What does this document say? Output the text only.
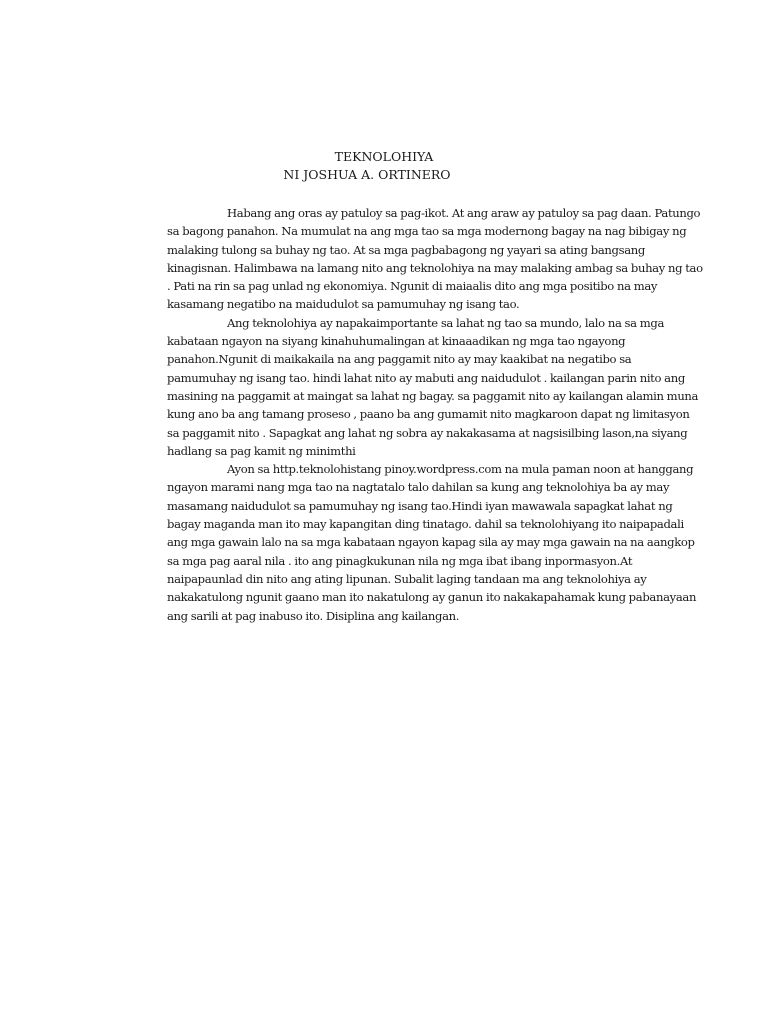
TEKNOLOHIYA
NI JOSHUA A. ORTINERO

Habang ang oras ay patuloy sa pag-ikot. At ang araw ay patuloy sa pag daan. Patungo sa bagong panahon. Na mumulat na ang mga tao sa mga modernong bagay na nag bibigay ng malaking tulong sa buhay ng tao. At sa mga pagbabagong ng yayari sa ating bangsang kinagisnan. Halimbawa na lamang nito ang teknolohiya na may malaking ambag sa buhay ng tao . Pati na rin sa pag unlad ng ekonomiya. Ngunit di maiaalis dito ang mga positibo na may kasamang negatibo na maidudulot sa pamumuhay ng isang tao.

Ang teknolohiya ay napakaimportante sa lahat ng tao sa mundo, lalo na sa mga kabataan ngayon na siyang kinahuhumalingan at kinaaadikan ng mga tao ngayong panahon.Ngunit di maikakaila na ang paggamit nito ay may kaakibat na negatibo sa pamumuhay ng isang tao. hindi lahat nito ay mabuti ang naidudulot . kailangan parin nito ang masining na paggamit at maingat sa lahat ng bagay. sa paggamit nito ay kailangan alamin muna kung ano ba ang tamang proseso , paano ba ang gumamit nito magkaroon dapat ng limitasyon sa paggamit nito . Sapagkat ang lahat ng sobra ay nakakasama at nagsisilbing lason,na siyang hadlang sa pag kamit ng minimthi

Ayon sa http.teknolohistang pinoy.wordpress.com na mula paman noon at hanggang ngayon marami nang mga tao na nagtatalo talo dahilan sa kung ang teknolohiya ba ay may masamang naidudulot sa pamumuhay ng isang tao.Hindi iyan mawawala sapagkat lahat ng bagay maganda man ito may kapangitan ding tinatago. dahil sa teknolohiyang ito naipapadali ang mga gawain lalo na sa mga kabataan ngayon kapag sila ay may mga gawain na na aangkop sa mga pag aaral nila . ito ang pinagkukunan nila ng mga ibat ibang inpormasyon.At naipapaunlad din nito ang ating lipunan. Subalit laging tandaan ma ang teknolohiya ay nakakatulong ngunit gaano man ito nakatulong ay ganun ito nakakapahamak kung pabanayaan ang sarili at pag inabuso ito. Disiplina ang kailangan.
